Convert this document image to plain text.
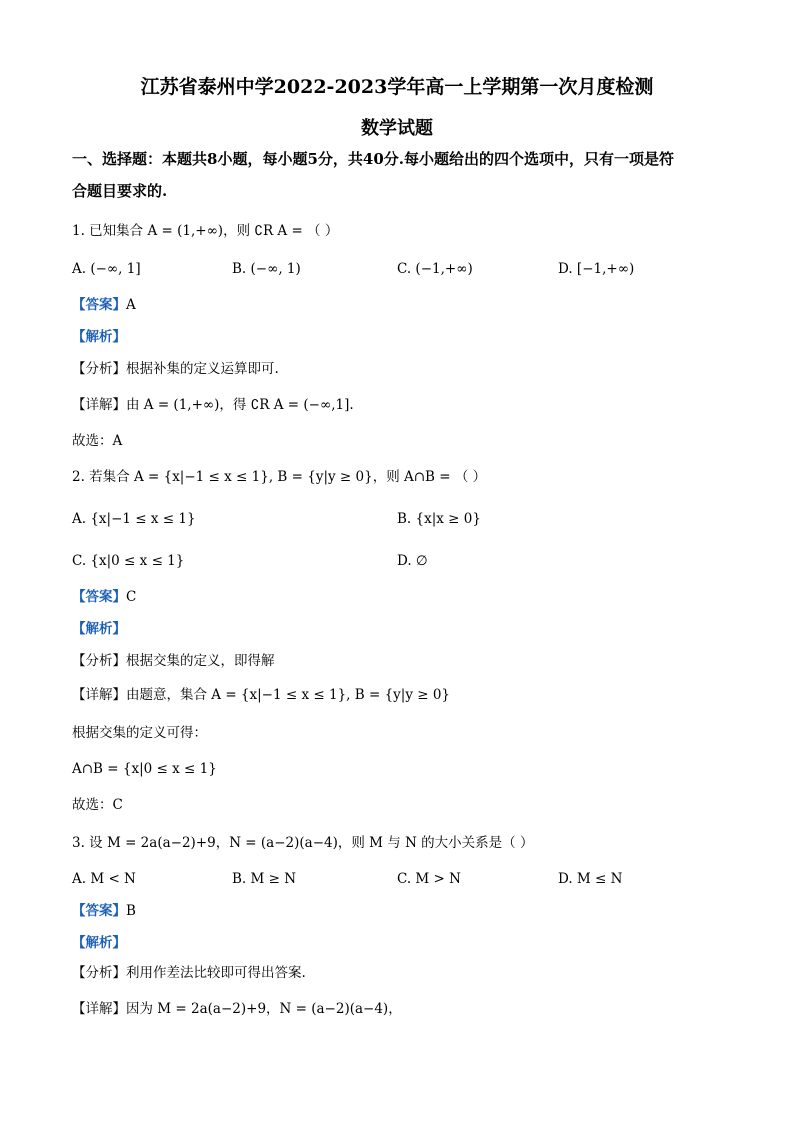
江苏省泰州中学2022-2023学年高一上学期第一次月度检测
数学试题
一、选择题：本题共8小题，每小题5分，共40分.每小题给出的四个选项中，只有一项是符
合题目要求的.
1. 已知集合 A = (1,+∞)，则 ∁R A = （ ）
A. (−∞, 1]	B. (−∞, 1)	C. (−1,+∞)	D. [−1,+∞)
【答案】A
【解析】
【分析】根据补集的定义运算即可.
【详解】由 A = (1,+∞)，得 ∁R A = (−∞,1].
故选：A
2. 若集合 A = {x|−1 ≤ x ≤ 1}, B = {y|y ≥ 0}，则 A∩B = （ ）
A. {x|−1 ≤ x ≤ 1}	B. {x|x ≥ 0}
C. {x|0 ≤ x ≤ 1}	D. ∅
【答案】C
【解析】
【分析】根据交集的定义，即得解
【详解】由题意，集合 A = {x|−1 ≤ x ≤ 1}, B = {y|y ≥ 0}
根据交集的定义可得：
A∩B = {x|0 ≤ x ≤ 1}
故选：C
3. 设 M = 2a(a−2)+9，N = (a−2)(a−4)，则 M 与 N 的大小关系是（ ）
A. M < N	B. M ≥ N	C. M > N	D. M ≤ N
【答案】B
【解析】
【分析】利用作差法比较即可得出答案.
【详解】因为 M = 2a(a−2)+9，N = (a−2)(a−4)，
